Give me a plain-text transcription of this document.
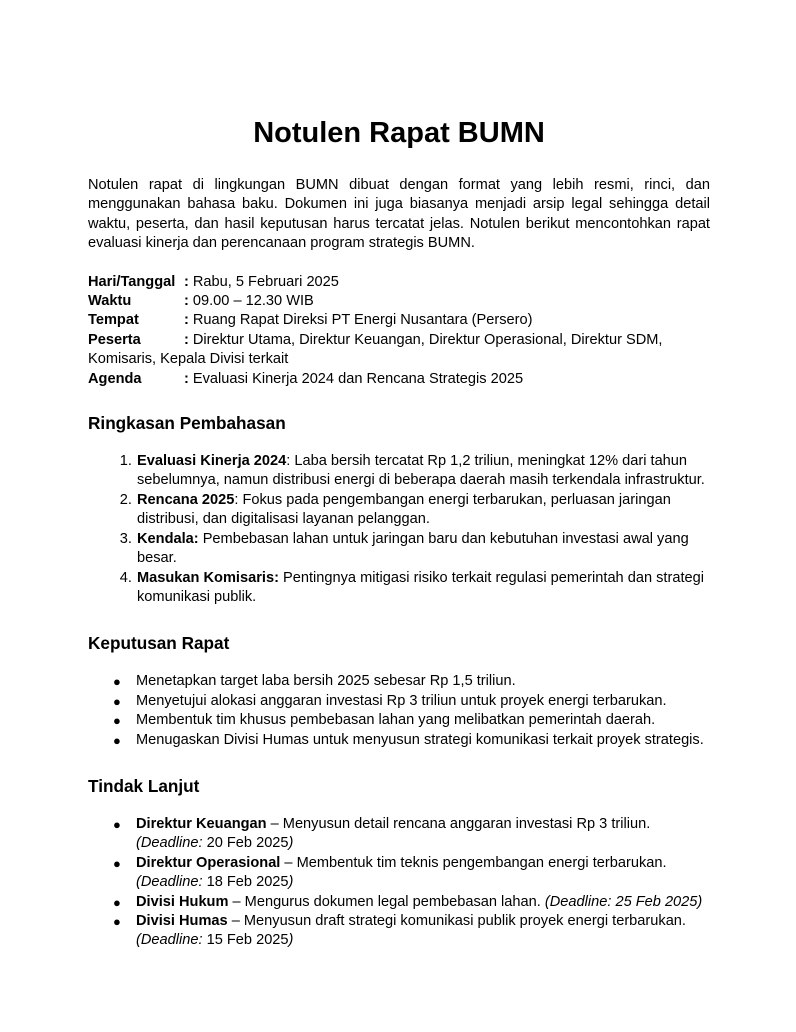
Notulen Rapat BUMN

Notulen rapat di lingkungan BUMN dibuat dengan format yang lebih resmi, rinci, dan menggunakan bahasa baku. Dokumen ini juga biasanya menjadi arsip legal sehingga detail waktu, peserta, dan hasil keputusan harus tercatat jelas. Notulen berikut mencontohkan rapat evaluasi kinerja dan perencanaan program strategis BUMN.

Hari/Tanggal : Rabu, 5 Februari 2025
Waktu	: 09.00 – 12.30 WIB
Tempat	: Ruang Rapat Direksi PT Energi Nusantara (Persero)
Peserta	: Direktur Utama, Direktur Keuangan, Direktur Operasional, Direktur SDM, Komisaris, Kepala Divisi terkait
Agenda	: Evaluasi Kinerja 2024 dan Rencana Strategis 2025
Ringkasan Pembahasan
1. Evaluasi Kinerja 2024: Laba bersih tercatat Rp 1,2 triliun, meningkat 12% dari tahun sebelumnya, namun distribusi energi di beberapa daerah masih terkendala infrastruktur.
2. Rencana 2025: Fokus pada pengembangan energi terbarukan, perluasan jaringan distribusi, dan digitalisasi layanan pelanggan.
3. Kendala: Pembebasan lahan untuk jaringan baru dan kebutuhan investasi awal yang besar.
4. Masukan Komisaris: Pentingnya mitigasi risiko terkait regulasi pemerintah dan strategi komunikasi publik.
Keputusan Rapat
● Menetapkan target laba bersih 2025 sebesar Rp 1,5 triliun.
● Menyetujui alokasi anggaran investasi Rp 3 triliun untuk proyek energi terbarukan.
● Membentuk tim khusus pembebasan lahan yang melibatkan pemerintah daerah.
● Menugaskan Divisi Humas untuk menyusun strategi komunikasi terkait proyek strategis.
Tindak Lanjut
● Direktur Keuangan – Menyusun detail rencana anggaran investasi Rp 3 triliun. (Deadline: 20 Feb 2025)
● Direktur Operasional – Membentuk tim teknis pengembangan energi terbarukan. (Deadline: 18 Feb 2025)
● Divisi Hukum – Mengurus dokumen legal pembebasan lahan. (Deadline: 25 Feb 2025)
● Divisi Humas – Menyusun draft strategi komunikasi publik proyek energi terbarukan. (Deadline: 15 Feb 2025)
